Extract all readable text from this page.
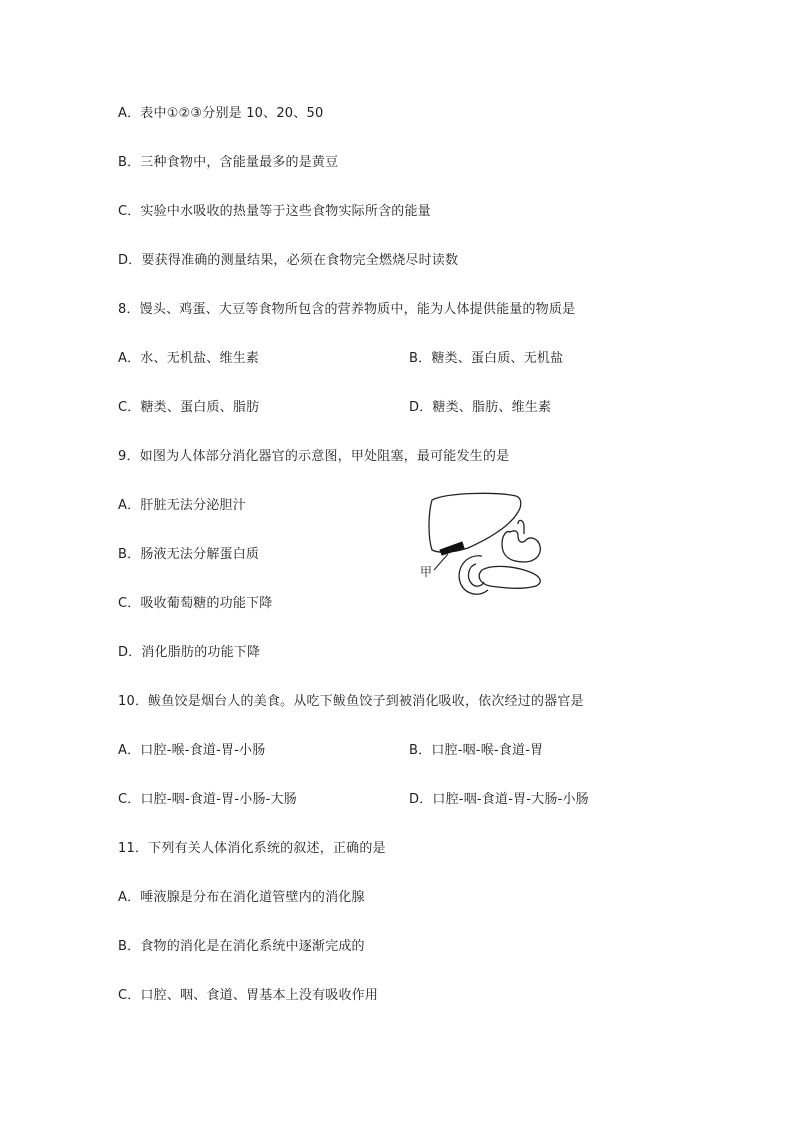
A．表中①②③分别是 10、20、50
B．三种食物中，含能量最多的是黄豆
C．实验中水吸收的热量等于这些食物实际所含的能量
D．要获得准确的测量结果，必须在食物完全燃烧尽时读数
8．馒头、鸡蛋、大豆等食物所包含的营养物质中，能为人体提供能量的物质是
A．水、无机盐、维生素	B．糖类、蛋白质、无机盐
C．糖类、蛋白质、脂肪	D．糖类、脂肪、维生素
9．如图为人体部分消化器官的示意图，甲处阻塞，最可能发生的是
A．肝脏无法分泌胆汁
B．肠液无法分解蛋白质
C．吸收葡萄糖的功能下降
D．消化脂肪的功能下降
甲
10．鲅鱼饺是烟台人的美食。从吃下鲅鱼饺子到被消化吸收，依次经过的器官是
A．口腔-喉-食道-胃-小肠	B．口腔-咽-喉-食道-胃
C．口腔-咽-食道-胃-小肠-大肠	D．口腔-咽-食道-胃-大肠-小肠
11．下列有关人体消化系统的叙述，正确的是
A．唾液腺是分布在消化道管壁内的消化腺
B．食物的消化是在消化系统中逐渐完成的
C．口腔、咽、食道、胃基本上没有吸收作用
